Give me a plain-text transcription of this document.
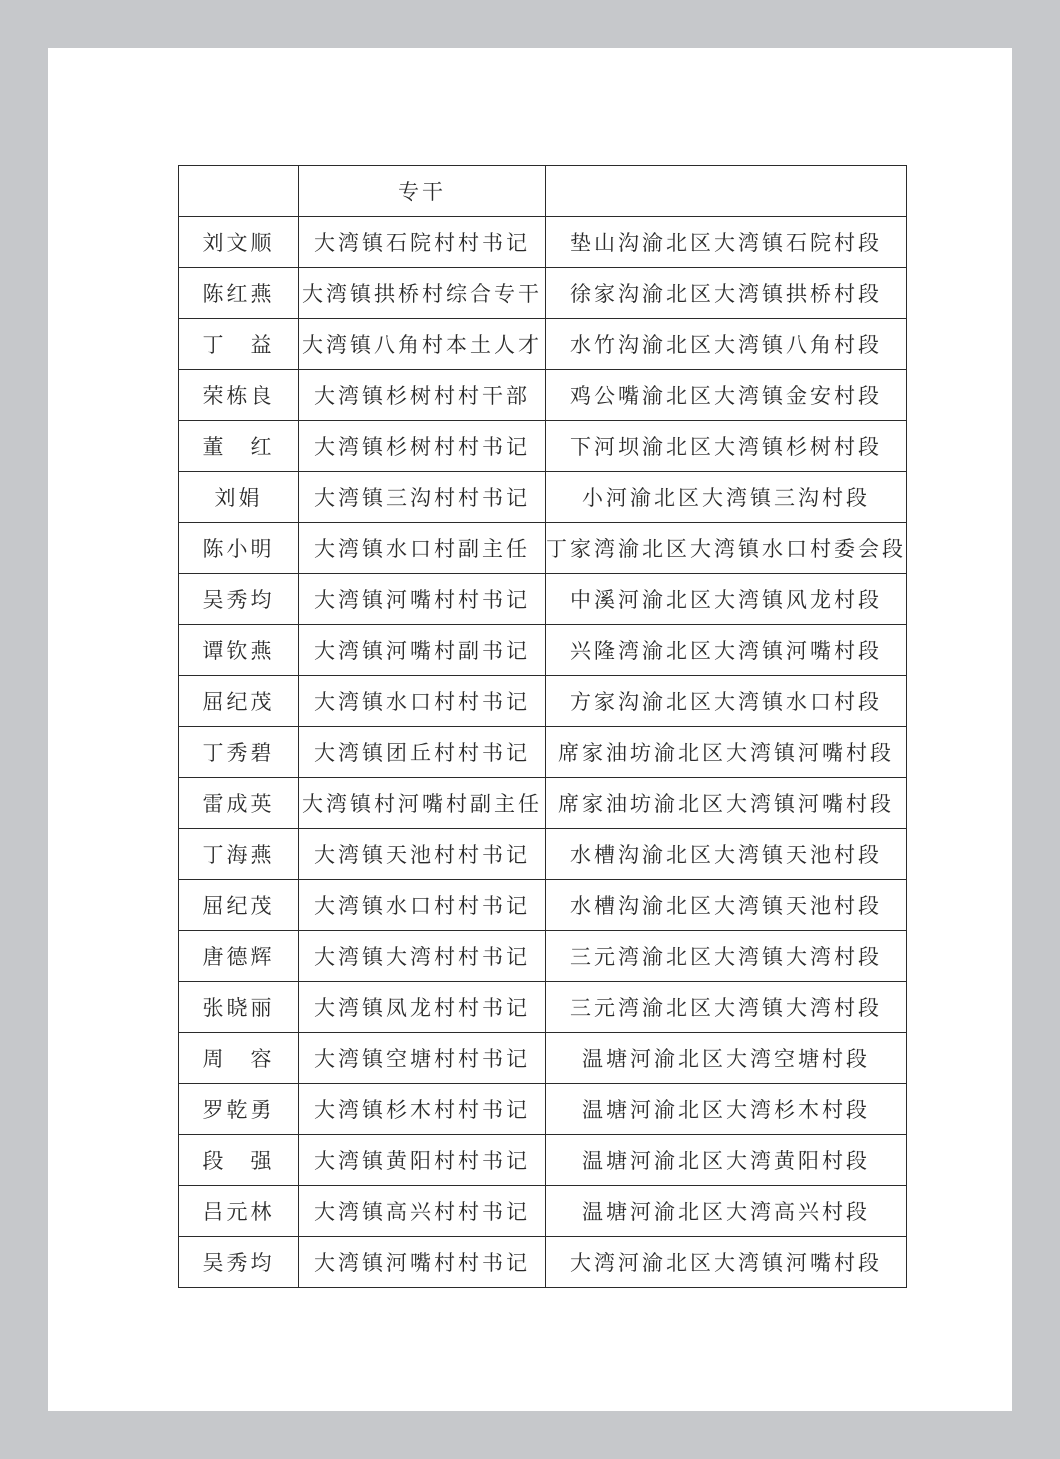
	专干	
刘文顺	大湾镇石院村村书记	垫山沟渝北区大湾镇石院村段
陈红燕	大湾镇拱桥村综合专干	徐家沟渝北区大湾镇拱桥村段
丁　益	大湾镇八角村本土人才	水竹沟渝北区大湾镇八角村段
荣栋良	大湾镇杉树村村干部	鸡公嘴渝北区大湾镇金安村段
董　红	大湾镇杉树村村书记	下河坝渝北区大湾镇杉树村段
刘娟	大湾镇三沟村村书记	小河渝北区大湾镇三沟村段
陈小明	大湾镇水口村副主任	丁家湾渝北区大湾镇水口村委会段
吴秀均	大湾镇河嘴村村书记	中溪河渝北区大湾镇风龙村段
谭钦燕	大湾镇河嘴村副书记	兴隆湾渝北区大湾镇河嘴村段
屈纪茂	大湾镇水口村村书记	方家沟渝北区大湾镇水口村段
丁秀碧	大湾镇团丘村村书记	席家油坊渝北区大湾镇河嘴村段
雷成英	大湾镇村河嘴村副主任	席家油坊渝北区大湾镇河嘴村段
丁海燕	大湾镇天池村村书记	水槽沟渝北区大湾镇天池村段
屈纪茂	大湾镇水口村村书记	水槽沟渝北区大湾镇天池村段
唐德辉	大湾镇大湾村村书记	三元湾渝北区大湾镇大湾村段
张晓丽	大湾镇凤龙村村书记	三元湾渝北区大湾镇大湾村段
周　容	大湾镇空塘村村书记	温塘河渝北区大湾空塘村段
罗乾勇	大湾镇杉木村村书记	温塘河渝北区大湾杉木村段
段　强	大湾镇黄阳村村书记	温塘河渝北区大湾黄阳村段
吕元林	大湾镇高兴村村书记	温塘河渝北区大湾高兴村段
吴秀均	大湾镇河嘴村村书记	大湾河渝北区大湾镇河嘴村段
